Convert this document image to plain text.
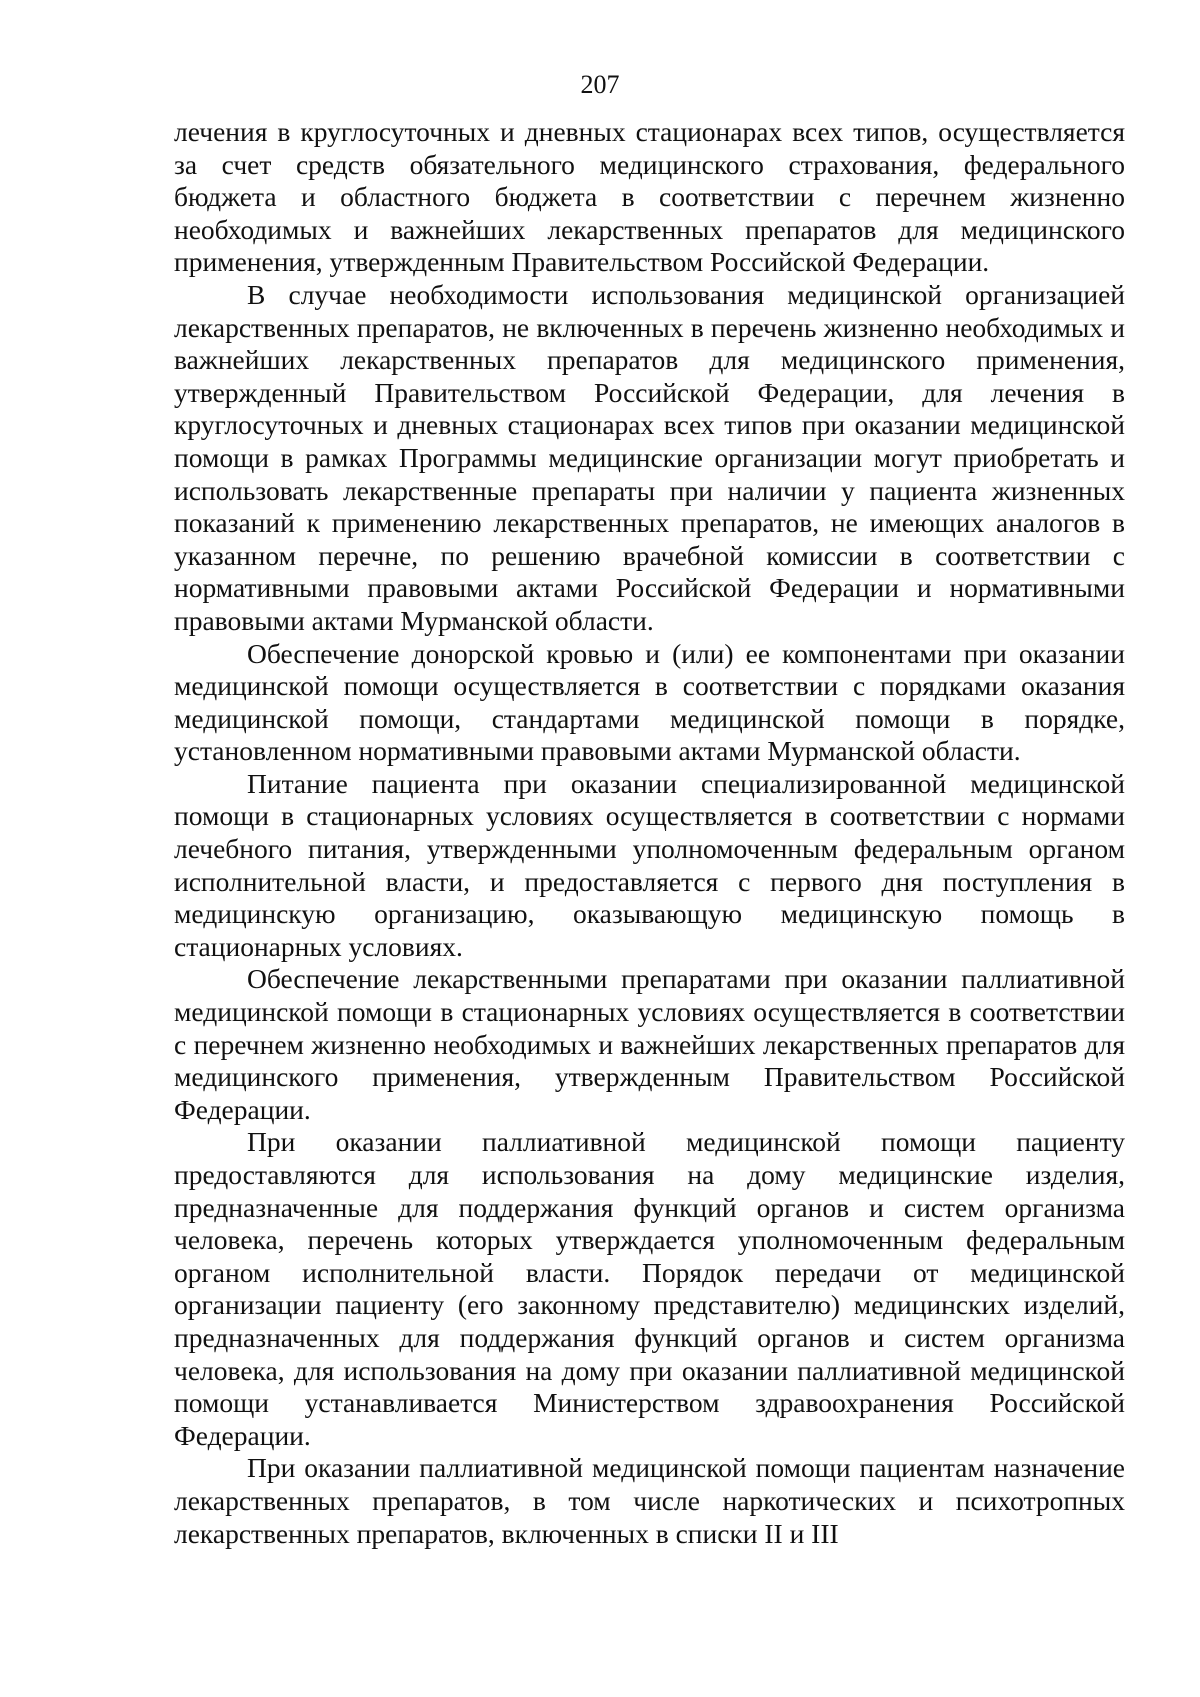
207

лечения в круглосуточных и дневных стационарах всех типов, осуществляется за счет средств обязательного медицинского страхования, федерального бюджета и областного бюджета в соответствии с перечнем жизненно необходимых и важнейших лекарственных препаратов для медицинского применения, утвержденным Правительством Российской Федерации.

В случае необходимости использования медицинской организацией лекарственных препаратов, не включенных в перечень жизненно необходимых и важнейших лекарственных препаратов для медицинского применения, утвержденный Правительством Российской Федерации, для лечения в круглосуточных и дневных стационарах всех типов при оказании медицинской помощи в рамках Программы медицинские организации могут приобретать и использовать лекарственные препараты при наличии у пациента жизненных показаний к применению лекарственных препаратов, не имеющих аналогов в указанном перечне, по решению врачебной комиссии в соответствии с нормативными правовыми актами Российской Федерации и нормативными правовыми актами Мурманской области.

Обеспечение донорской кровью и (или) ее компонентами при оказании медицинской помощи осуществляется в соответствии с порядками оказания медицинской помощи, стандартами медицинской помощи в порядке, установленном нормативными правовыми актами Мурманской области.

Питание пациента при оказании специализированной медицинской помощи в стационарных условиях осуществляется в соответствии с нормами лечебного питания, утвержденными уполномоченным федеральным органом исполнительной власти, и предоставляется с первого дня поступления в медицинскую организацию, оказывающую медицинскую помощь в стационарных условиях.

Обеспечение лекарственными препаратами при оказании паллиативной медицинской помощи в стационарных условиях осуществляется в соответствии с перечнем жизненно необходимых и важнейших лекарственных препаратов для медицинского применения, утвержденным Правительством Российской Федерации.

При оказании паллиативной медицинской помощи пациенту предоставляются для использования на дому медицинские изделия, предназначенные для поддержания функций органов и систем организма человека, перечень которых утверждается уполномоченным федеральным органом исполнительной власти. Порядок передачи от медицинской организации пациенту (его законному представителю) медицинских изделий, предназначенных для поддержания функций органов и систем организма человека, для использования на дому при оказании паллиативной медицинской помощи устанавливается Министерством здравоохранения Российской Федерации.

При оказании паллиативной медицинской помощи пациентам назначение лекарственных препаратов, в том числе наркотических и психотропных лекарственных препаратов, включенных в списки II и III
